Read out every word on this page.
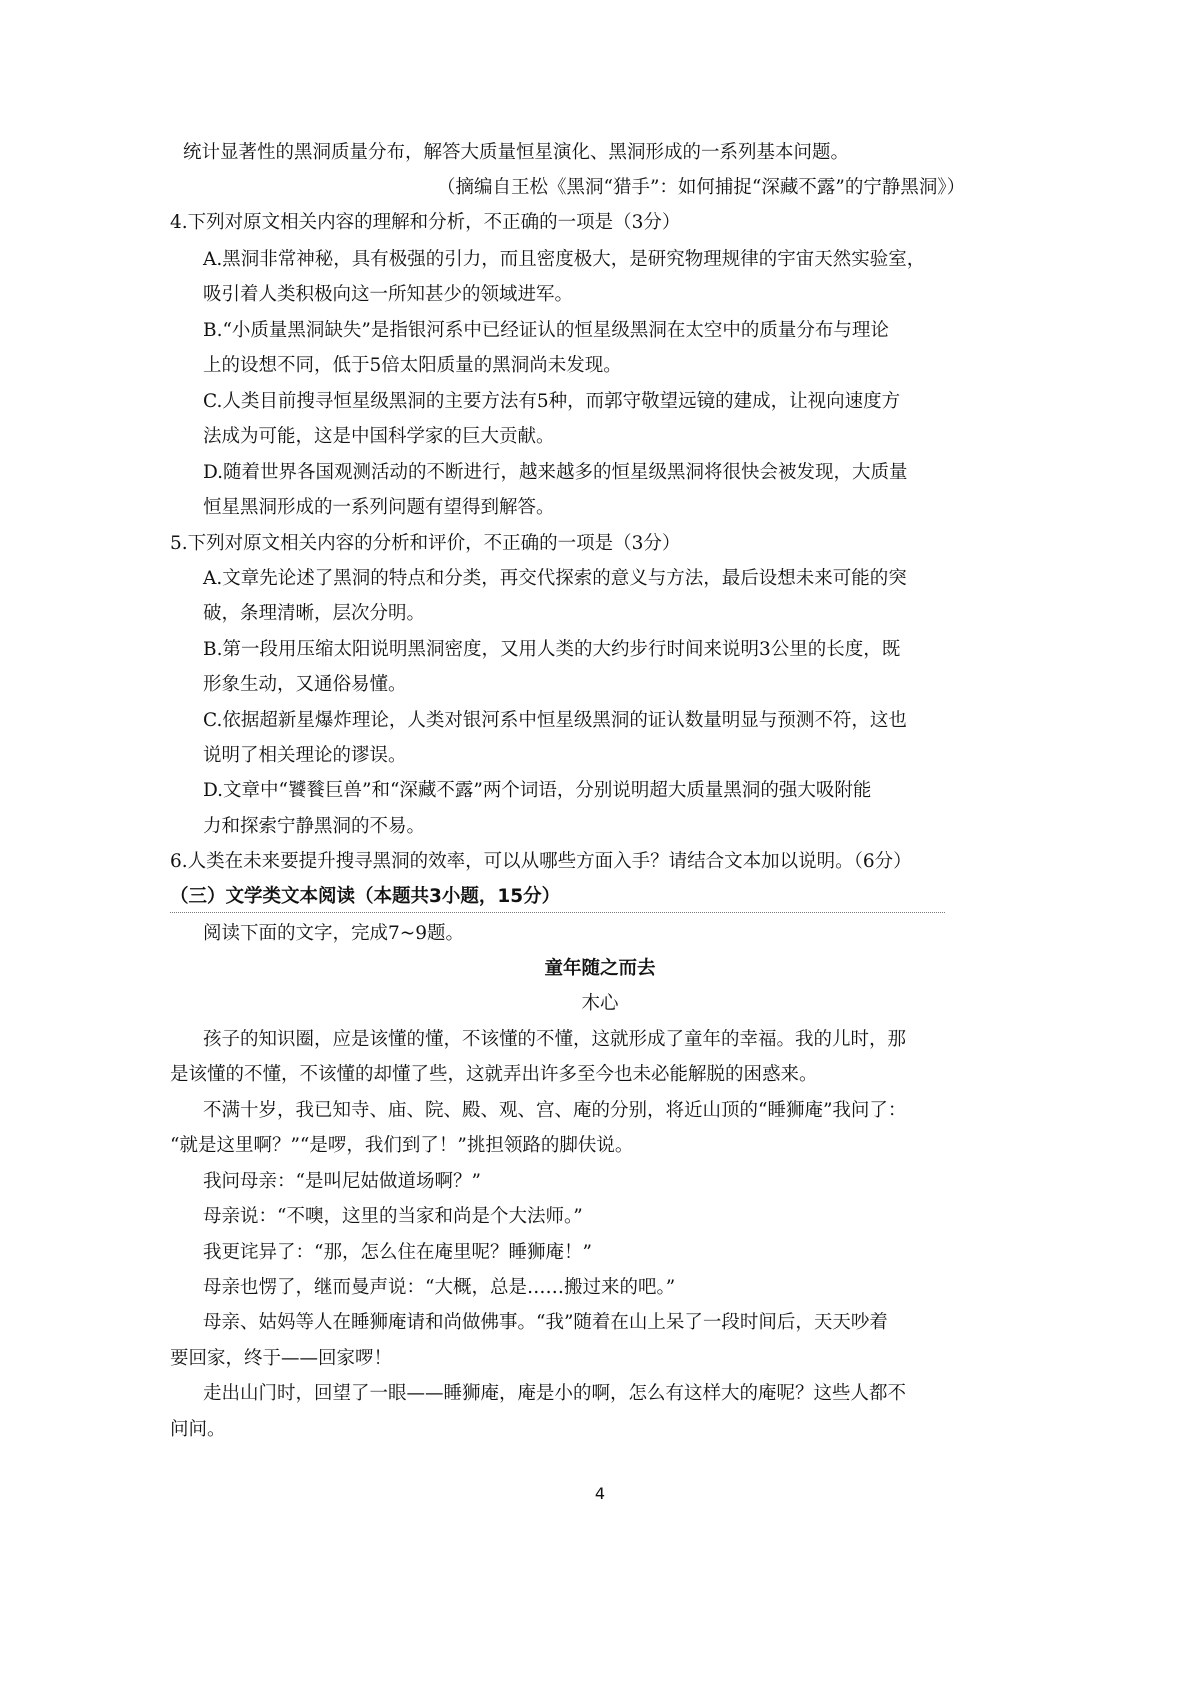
统计显著性的黑洞质量分布，解答大质量恒星演化、黑洞形成的一系列基本问题。
（摘编自王松《黑洞“猎手”：如何捕捉“深藏不露”的宁静黑洞》）
4.下列对原文相关内容的理解和分析，不正确的一项是（3分）
A.黑洞非常神秘，具有极强的引力，而且密度极大，是研究物理规律的宇宙天然实验室，
吸引着人类积极向这一所知甚少的领域进军。
B.“小质量黑洞缺失”是指银河系中已经证认的恒星级黑洞在太空中的质量分布与理论
上的设想不同，低于5倍太阳质量的黑洞尚未发现。
C.人类目前搜寻恒星级黑洞的主要方法有5种，而郭守敬望远镜的建成，让视向速度方
法成为可能，这是中国科学家的巨大贡献。
D.随着世界各国观测活动的不断进行，越来越多的恒星级黑洞将很快会被发现，大质量
恒星黑洞形成的一系列问题有望得到解答。
5.下列对原文相关内容的分析和评价，不正确的一项是（3分）
A.文章先论述了黑洞的特点和分类，再交代探索的意义与方法，最后设想未来可能的突
破，条理清晰，层次分明。
B.第一段用压缩太阳说明黑洞密度，又用人类的大约步行时间来说明3公里的长度，既
形象生动，又通俗易懂。
C.依据超新星爆炸理论，人类对银河系中恒星级黑洞的证认数量明显与预测不符，这也
说明了相关理论的谬误。
D.文章中“饕餮巨兽”和“深藏不露”两个词语，分别说明超大质量黑洞的强大吸附能
力和探索宁静黑洞的不易。
6.人类在未来要提升搜寻黑洞的效率，可以从哪些方面入手？请结合文本加以说明。（6分）
（三）文学类文本阅读（本题共3小题，15分）
阅读下面的文字，完成7~9题。
童年随之而去
木心
孩子的知识圈，应是该懂的懂，不该懂的不懂，这就形成了童年的幸福。我的儿时，那
是该懂的不懂，不该懂的却懂了些，这就弄出许多至今也未必能解脱的困惑来。
不满十岁，我已知寺、庙、院、殿、观、宫、庵的分别，将近山顶的“睡狮庵”我问了：
“就是这里啊？”“是啰，我们到了！”挑担领路的脚伕说。
我问母亲：“是叫尼姑做道场啊？”
母亲说：“不噢，这里的当家和尚是个大法师。”
我更诧异了：“那，怎么住在庵里呢？睡狮庵！”
母亲也愣了，继而曼声说：“大概，总是……搬过来的吧。”
母亲、姑妈等人在睡狮庵请和尚做佛事。“我”随着在山上呆了一段时间后，天天吵着
要回家，终于——回家啰！
走出山门时，回望了一眼——睡狮庵，庵是小的啊，怎么有这样大的庵呢？这些人都不
问问。
4
